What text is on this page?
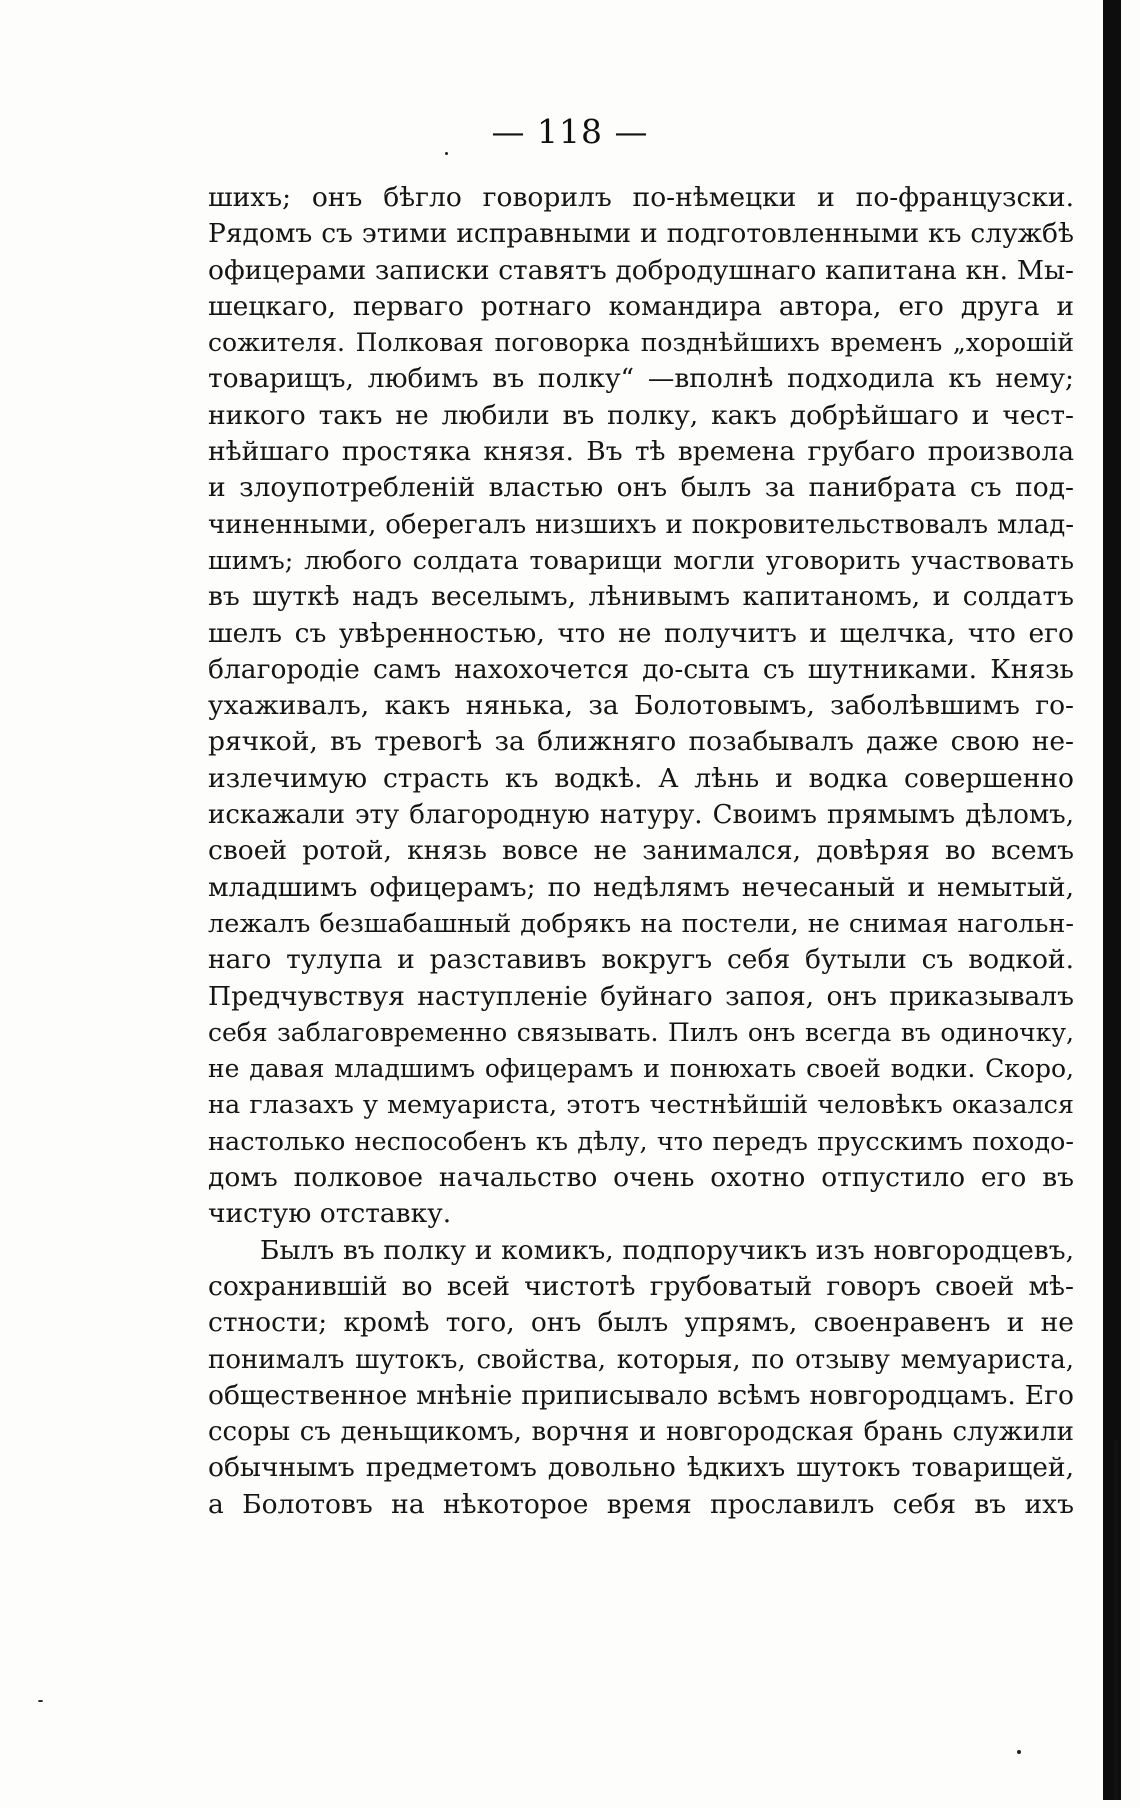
— 118 —
шихъ; онъ бѣгло говорилъ по-нѣмецки и по-французски.
Рядомъ съ этими исправными и подготовленными къ службѣ
офицерами записки ставятъ добродушнаго капитана кн. Мы-
шецкаго, перваго ротнаго командира автора, его друга и
сожителя. Полковая поговорка позднѣйшихъ временъ „хорошій
товарищъ, любимъ въ полку“ —вполнѣ подходила къ нему;
никого такъ не любили въ полку, какъ добрѣйшаго и чест-
нѣйшаго простяка князя. Въ тѣ времена грубаго произвола
и злоупотребленій властью онъ былъ за панибрата съ под-
чиненными, оберегалъ низшихъ и покровительствовалъ млад-
шимъ; любого солдата товарищи могли уговорить участвовать
въ шуткѣ надъ веселымъ, лѣнивымъ капитаномъ, и солдатъ
шелъ съ увѣренностью, что не получитъ и щелчка, что его
благородіе самъ нахохочется до-сыта съ шутниками. Князь
ухаживалъ, какъ нянька, за Болотовымъ, заболѣвшимъ го-
рячкой, въ тревогѣ за ближняго позабывалъ даже свою не-
излечимую страсть къ водкѣ. А лѣнь и водка совершенно
искажали эту благородную натуру. Своимъ прямымъ дѣломъ,
своей ротой, князь вовсе не занимался, довѣряя во всемъ
младшимъ офицерамъ; по недѣлямъ нечесаный и немытый,
лежалъ безшабашный добрякъ на постели, не снимая нагольн-
наго тулупа и разставивъ вокругъ себя бутыли съ водкой.
Предчувствуя наступленіе буйнаго запоя, онъ приказывалъ
себя заблаговременно связывать. Пилъ онъ всегда въ одиночку,
не давая младшимъ офицерамъ и понюхать своей водки. Скоро,
на глазахъ у мемуариста, этотъ честнѣйшій человѣкъ оказался
настолько неспособенъ къ дѣлу, что передъ прусскимъ походо-
домъ полковое начальство очень охотно отпустило его въ
чистую отставку.
Былъ въ полку и комикъ, подпоручикъ изъ новгородцевъ,
сохранившій во всей чистотѣ грубоватый говоръ своей мѣ-
стности; кромѣ того, онъ былъ упрямъ, своенравенъ и не
понималъ шутокъ, свойства, которыя, по отзыву мемуариста,
общественное мнѣніе приписывало всѣмъ новгородцамъ. Его
ссоры съ деньщикомъ, ворчня и новгородская брань служили
обычнымъ предметомъ довольно ѣдкихъ шутокъ товарищей,
а Болотовъ на нѣкоторое время прославилъ себя въ ихъ
